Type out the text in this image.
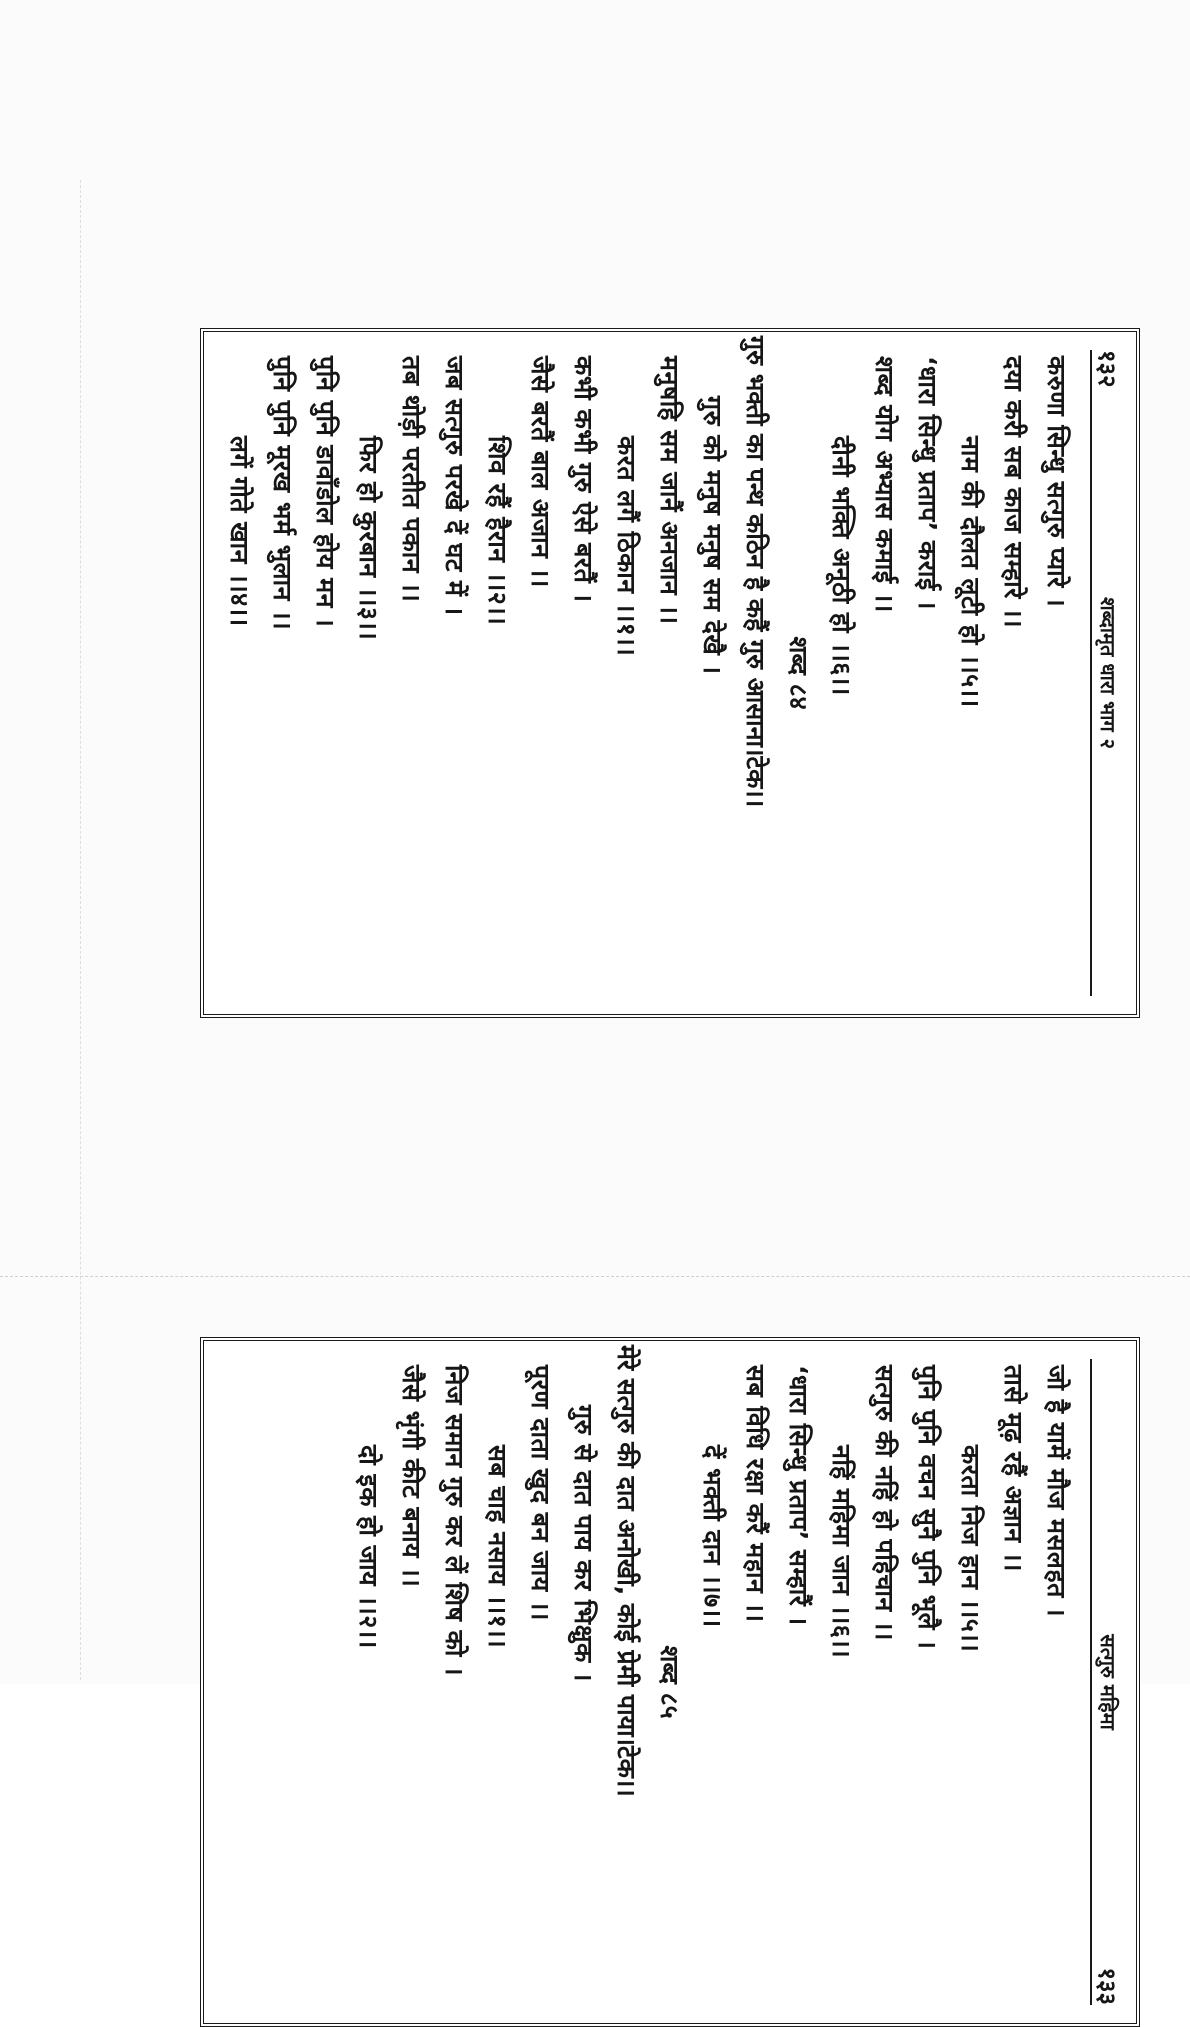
१३२
शब्दामृत धारा भाग २
करुणा सिन्धु सत्गुरु प्यारे ।
दया करी सब काज सम्हारे ।।
नाम की दौलत लूटी हो ।।५।।
‘धारा सिन्धु प्रताप’ कराई ।
शब्द योग अभ्यास कमाई ।।
दीनी भक्ति अनूठी हो ।।६।।
शब्द ८४
गुरु भक्ती का पन्थ कठिन है कहैं गुरु आसाना।टेक।।
गुरु को मनुष मनुष सम देखै ।
मनुषहि सम जानैं अनजान ।।
करत लगैं ठिकान ।।१।।
कभी कभी गुरु ऐसे बरतैं ।
जैसे बरतैं बाल अजान ।।
शिव रहैं हैरान ।।२।।
जब सत्गुरु परखे दें घट में ।
तब थोड़ी परतीत पकान ।।
फिर हो कुरबान ।।३।।
पुनि पुनि डावाँडोल होय मन ।
पुनि पुनि मूरख भर्म भुलान ।।
लगें गोते खान ।।४।।
सत्गुरु महिमा
१३३
जो है यामें मौज मसलहत ।
तासे मूढ़ रहैं अज्ञान ।।
करता निज हान ।।५।।
पुनि पुनि वचन सुनै पुनि भूलै ।
सत्गुरु की नहिं हो पहिचान ।।
नहिं महिमा जान ।।६।।
‘धारा सिन्धु प्रताप’ सम्हारैं ।
सब विधि रक्षा करैं महान ।।
दें भक्ती दान ।।७।।
शब्द ८५
मेरे सत्गुरु की दात अनोखी, कोई प्रेमी पाया।टेक।।
गुरु से दात पाय कर भिक्षुक ।
पूरण दाता खुद बन जाय ।।
सब चाह नसाय ।।१।।
निज समान गुरु कर लें शिष को ।
जैसे भृंगी कीट बनाय ।।
दो इक हो जाय ।।२।।
